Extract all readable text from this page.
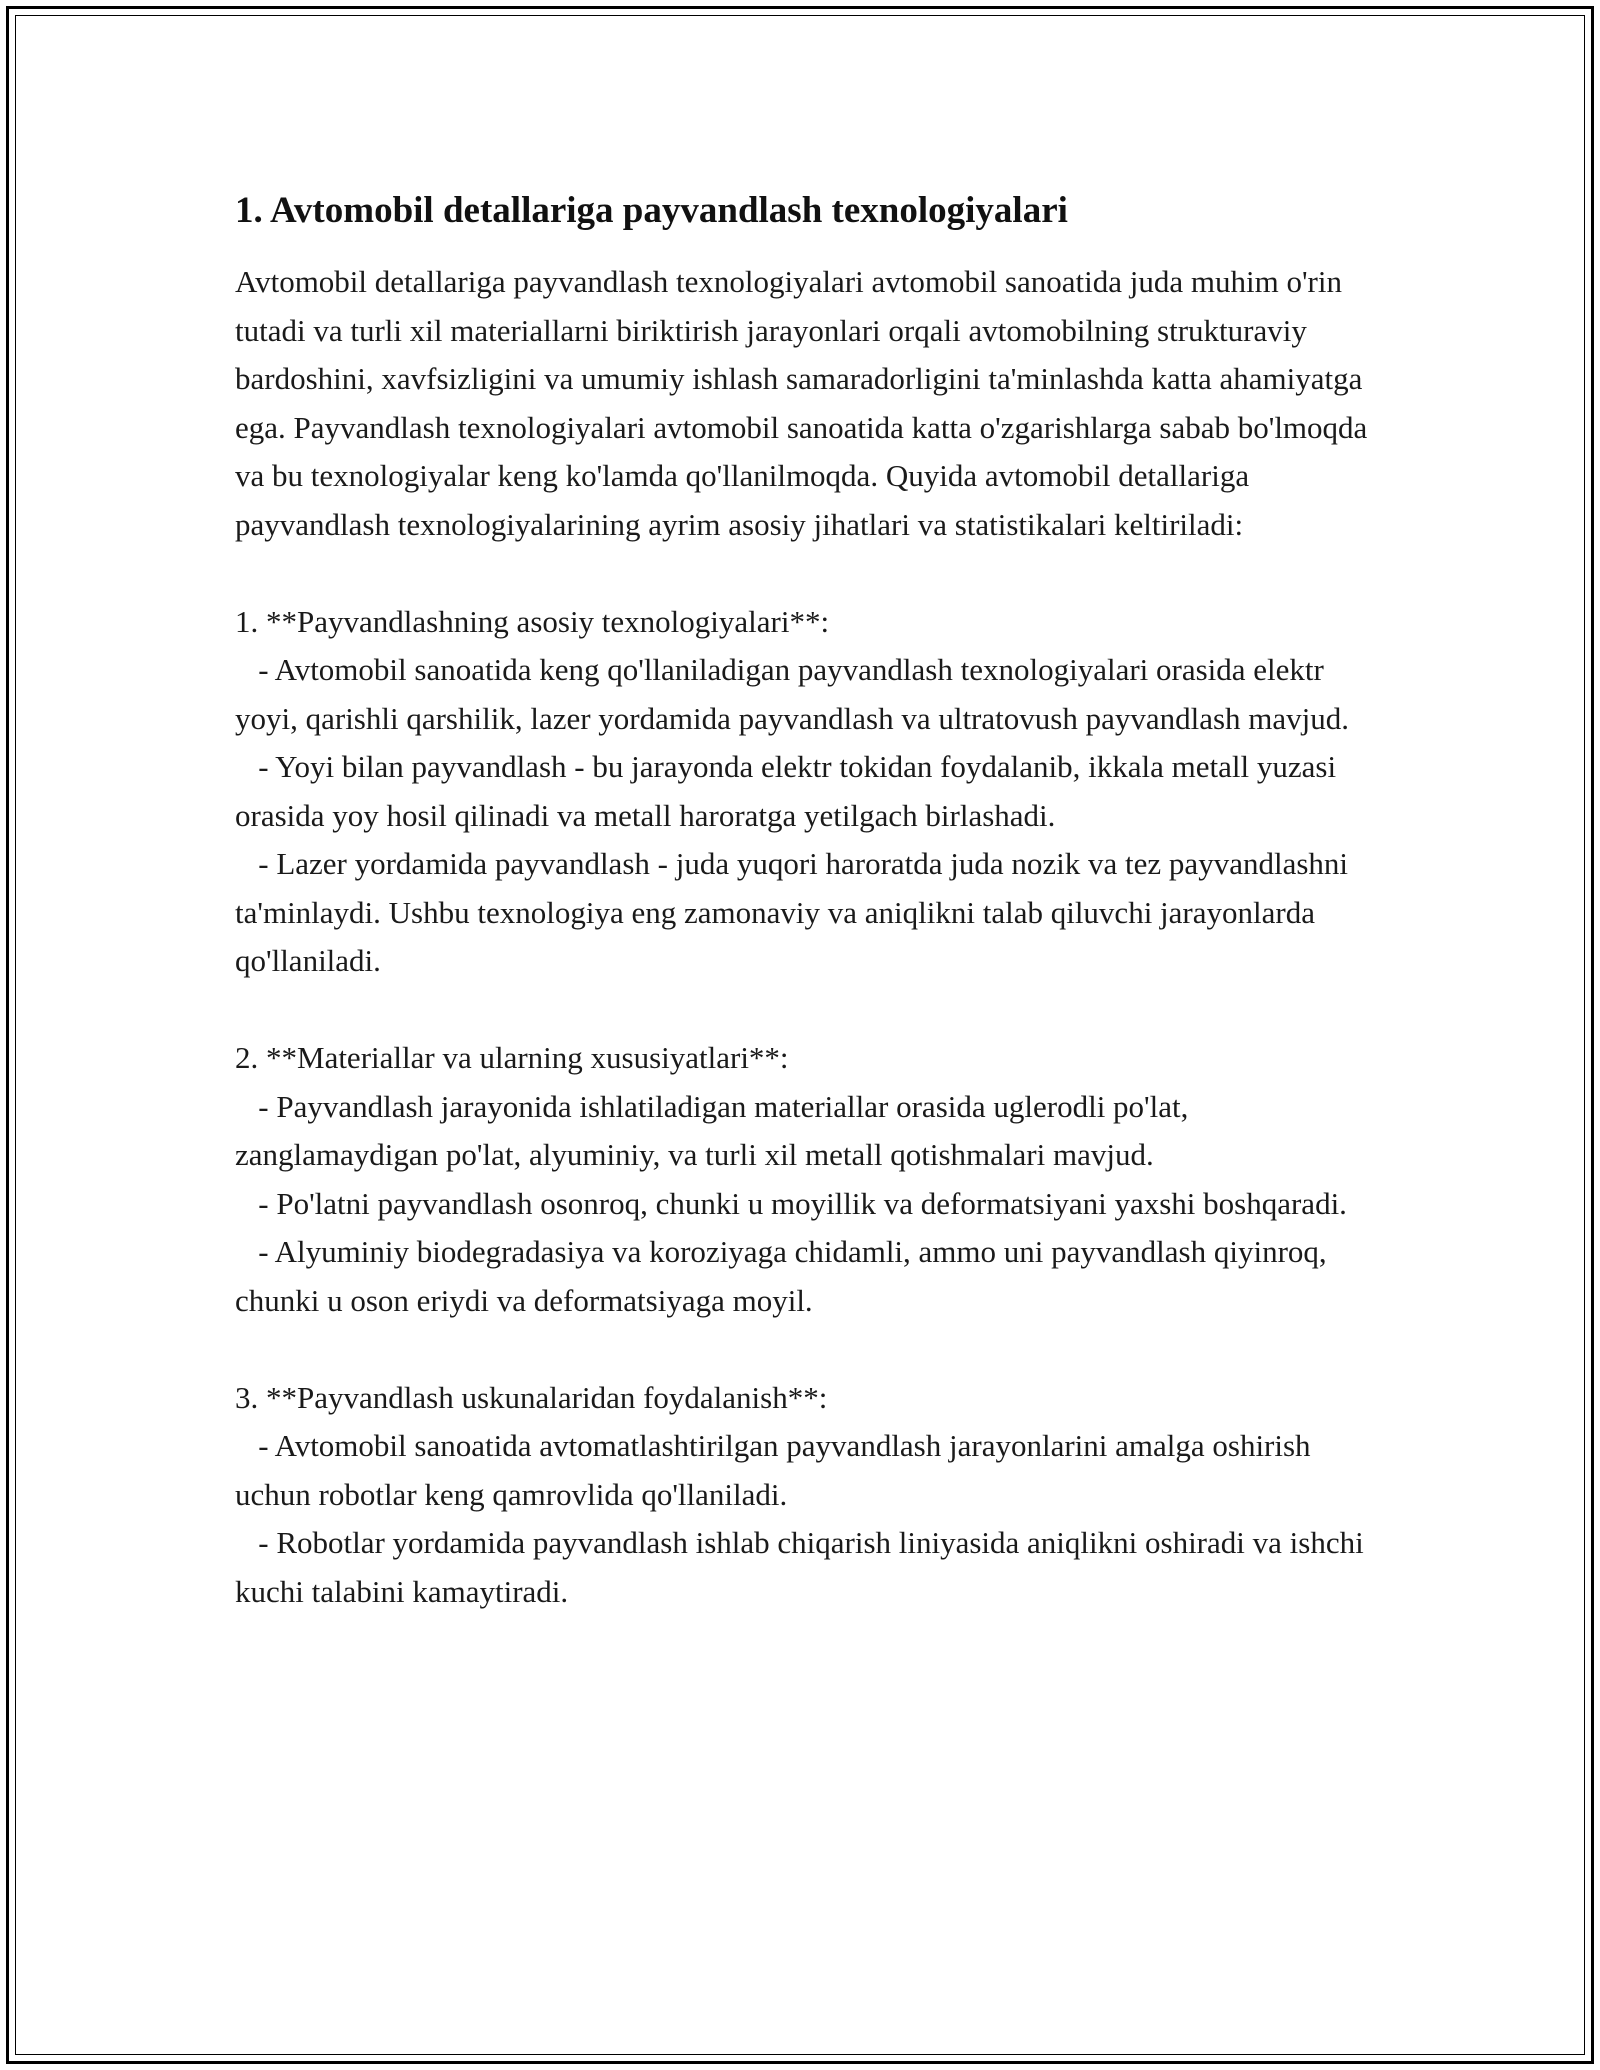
1. Avtomobil detallariga payvandlash texnologiyalari

Avtomobil detallariga payvandlash texnologiyalari avtomobil sanoatida juda muhim o'rin tutadi va turli xil materiallarni biriktirish jarayonlari orqali avtomobilning strukturaviy bardoshini, xavfsizligini va umumiy ishlash samaradorligini ta'minlashda katta ahamiyatga ega. Payvandlash texnologiyalari avtomobil sanoatida katta o'zgarishlarga sabab bo'lmoqda va bu texnologiyalar keng ko'lamda qo'llanilmoqda. Quyida avtomobil detallariga payvandlash texnologiyalarining ayrim asosiy jihatlari va statistikalari keltiriladi:

1. **Payvandlashning asosiy texnologiyalari**:

- Avtomobil sanoatida keng qo'llaniladigan payvandlash texnologiyalari orasida elektr yoyi, qarishli qarshilik, lazer yordamida payvandlash va ultratovush payvandlash mavjud.

- Yoyi bilan payvandlash - bu jarayonda elektr tokidan foydalanib, ikkala metall yuzasi orasida yoy hosil qilinadi va metall haroratga yetilgach birlashadi.

- Lazer yordamida payvandlash - juda yuqori haroratda juda nozik va tez payvandlashni ta'minlaydi. Ushbu texnologiya eng zamonaviy va aniqlikni talab qiluvchi jarayonlarda qo'llaniladi.

2. **Materiallar va ularning xususiyatlari**:

- Payvandlash jarayonida ishlatiladigan materiallar orasida uglerodli po'lat, zanglamaydigan po'lat, alyuminiy, va turli xil metall qotishmalari mavjud.

- Po'latni payvandlash osonroq, chunki u moyillik va deformatsiyani yaxshi boshqaradi.

- Alyuminiy biodegradasiya va koroziyaga chidamli, ammo uni payvandlash qiyinroq, chunki u oson eriydi va deformatsiyaga moyil.

3. **Payvandlash uskunalaridan foydalanish**:

- Avtomobil sanoatida avtomatlashtirilgan payvandlash jarayonlarini amalga oshirish uchun robotlar keng qamrovlida qo'llaniladi.

- Robotlar yordamida payvandlash ishlab chiqarish liniyasida aniqlikni oshiradi va ishchi kuchi talabini kamaytiradi.
